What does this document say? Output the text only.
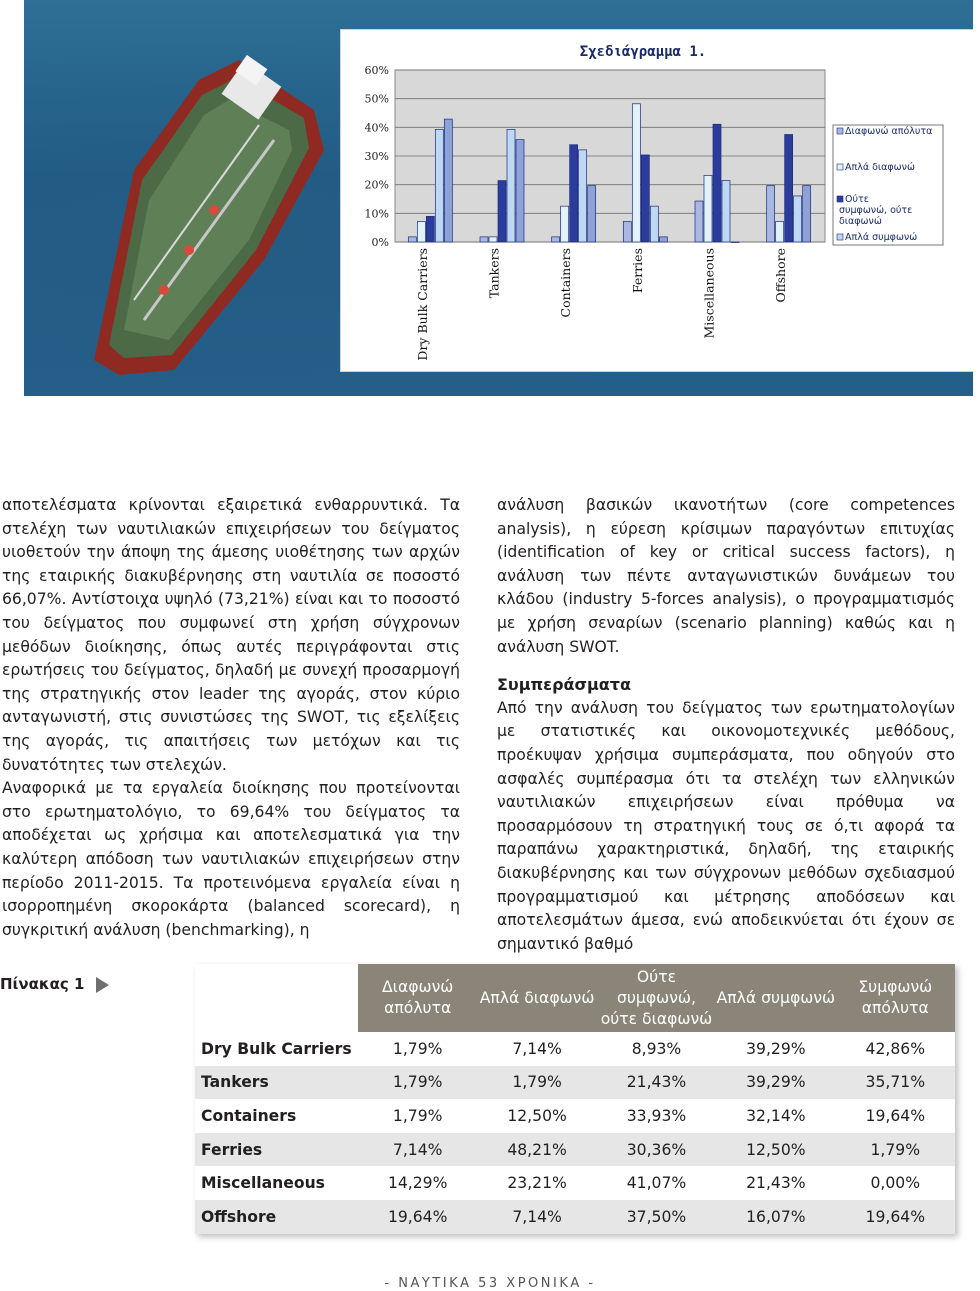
Σχεδιάγραμμα 1.
0%
10%
20%
30%
40%
50%
60%
Dry Bulk Carriers	Tankers	Containers	Ferries	Miscellaneous	Offshore
Διαφωνώ απόλυτα
Απλά διαφωνώ
Ούτε συμφωνώ, ούτε διαφωνώ
Απλά συμφωνώ

αποτελέσματα κρίνονται εξαιρετικά ενθαρρυντικά. Τα στελέχη των ναυτιλιακών επιχειρήσεων του δείγματος υιοθετούν την άποψη της άμεσης υιοθέτησης των αρχών της εταιρικής διακυβέρνησης στη ναυτιλία σε ποσοστό 66,07%. Αντίστοιχα υψηλό (73,21%) είναι και το ποσοστό του δείγματος που συμφωνεί στη χρήση σύγχρονων μεθόδων διοίκησης, όπως αυτές περιγράφονται στις ερωτήσεις του δείγματος, δηλαδή με συνεχή προσαρμογή της στρατηγικής στον leader της αγοράς, στον κύριο ανταγωνιστή, στις συνιστώσες της SWOT, τις εξελίξεις της αγοράς, τις απαιτήσεις των μετόχων και τις δυνατότητες των στελεχών.

Αναφορικά με τα εργαλεία διοίκησης που προτείνονται στο ερωτηματολόγιο, το 69,64% του δείγματος τα αποδέχεται ως χρήσιμα και αποτελεσματικά για την καλύτερη απόδοση των ναυτιλιακών επιχειρήσεων στην περίοδο 2011-2015. Τα προτεινόμενα εργαλεία είναι η ισορροπημένη σκοροκάρτα (balanced scorecard), η συγκριτική ανάλυση (benchmarking), η

ανάλυση βασικών ικανοτήτων (core competences analysis), η εύρεση κρίσιμων παραγόντων επιτυχίας (identification of key or critical success factors), η ανάλυση των πέντε ανταγωνιστικών δυνάμεων του κλάδου (industry 5-forces analysis), ο προγραμματισμός με χρήση σεναρίων (scenario planning) καθώς και η ανάλυση SWOT.

Συμπεράσματα

Από την ανάλυση του δείγματος των ερωτηματολογίων με στατιστικές και οικονομοτεχνικές μεθόδους, προέκυψαν χρήσιμα συμπεράσματα, που οδηγούν στο ασφαλές συμπέρασμα ότι τα στελέχη των ελληνικών ναυτιλιακών επιχειρήσεων είναι πρόθυμα να προσαρμόσουν τη στρατηγική τους σε ό,τι αφορά τα παραπάνω χαρακτηριστικά, δηλαδή, της εταιρικής διακυβέρνησης και των σύγχρονων μεθόδων σχεδιασμού προγραμματισμού και μέτρησης αποδόσεων και αποτελεσμάτων άμεσα, ενώ αποδεικνύεται ότι έχουν σε σημαντικό βαθμό

Πίνακας 1
		Διαφωνώ απόλυτα	Απλά διαφωνώ	Ούτε συμφωνώ, ούτε διαφωνώ	Απλά συμφωνώ	Συμφωνώ απόλυτα
Dry Bulk Carriers	1,79%	7,14%	8,93%	39,29%	42,86%
Tankers	1,79%	1,79%	21,43%	39,29%	35,71%
Containers	1,79%	12,50%	33,93%	32,14%	19,64%
Ferries	7,14%	48,21%	30,36%	12,50%	1,79%
Miscellaneous	14,29%	23,21%	41,07%	21,43%	0,00%
Offshore	19,64%	7,14%	37,50%	16,07%	19,64%
- ΝΑΥΤΙΚΑ 53 ΧΡΟΝΙΚΑ -
